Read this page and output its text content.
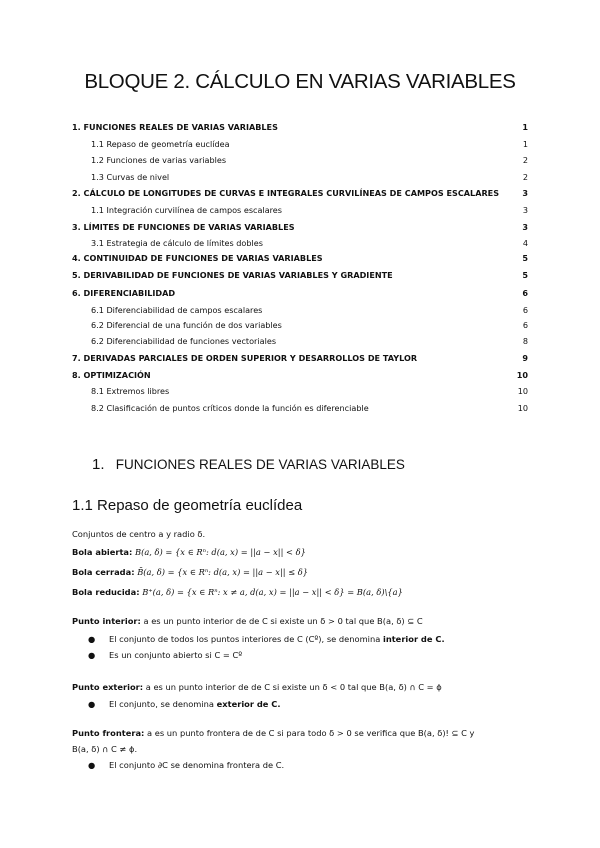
BLOQUE 2. CÁLCULO EN VARIAS VARIABLES
1. FUNCIONES REALES DE VARIAS VARIABLES	1
1.1 Repaso de geometría euclídea	1
1.2 Funciones de varias variables	2
1.3 Curvas de nivel	2
2. CÁLCULO DE LONGITUDES DE CURVAS E INTEGRALES CURVILÍNEAS DE CAMPOS ESCALARES	3
1.1 Integración curvilínea de campos escalares	3
3. LÍMITES DE FUNCIONES DE VARIAS VARIABLES	3
3.1 Estrategia de cálculo de límites dobles	4
4. CONTINUIDAD DE FUNCIONES DE VARIAS VARIABLES	5
5. DERIVABILIDAD DE FUNCIONES DE VARIAS VARIABLES Y GRADIENTE	5
6. DIFERENCIABILIDAD	6
6.1 Diferenciabilidad de campos escalares	6
6.2 Diferencial de una función de dos variables	6
6.2 Diferenciabilidad de funciones vectoriales	8
7. DERIVADAS PARCIALES DE ORDEN SUPERIOR Y DESARROLLOS DE TAYLOR	9
8. OPTIMIZACIÓN	10
8.1 Extremos libres	10
8.2 Clasificación de puntos críticos donde la función es diferenciable	10
1. FUNCIONES REALES DE VARIAS VARIABLES
1.1 Repaso de geometría euclídea
Conjuntos de centro a y radio δ.
Bola abierta: B(a, δ) = {x ∈ Rⁿ: d(a, x) = ||a − x|| < δ}
Bola cerrada: B̄(a, δ) = {x ∈ Rⁿ: d(a, x) = ||a − x|| ≤ δ}
Bola reducida: B⁺(a, δ) = {x ∈ Rⁿ: x ≠ a, d(a, x) = ||a − x|| < δ} = B(a, δ)\{a}
Punto interior: a es un punto interior de de C si existe un δ > 0 tal que B(a, δ) ⊆ C
● El conjunto de todos los puntos interiores de C (Cº), se denomina interior de C.
● Es un conjunto abierto si C = Cº
Punto exterior: a es un punto interior de de C si existe un δ < 0 tal que B(a, δ) ∩ C = ϕ
● El conjunto, se denomina exterior de C.
Punto frontera: a es un punto frontera de de C si para todo δ > 0 se verifica que B(a, δ)! ⊆ C y
B(a, δ) ∩ C ≠ ϕ.
● El conjunto ∂C se denomina frontera de C.
